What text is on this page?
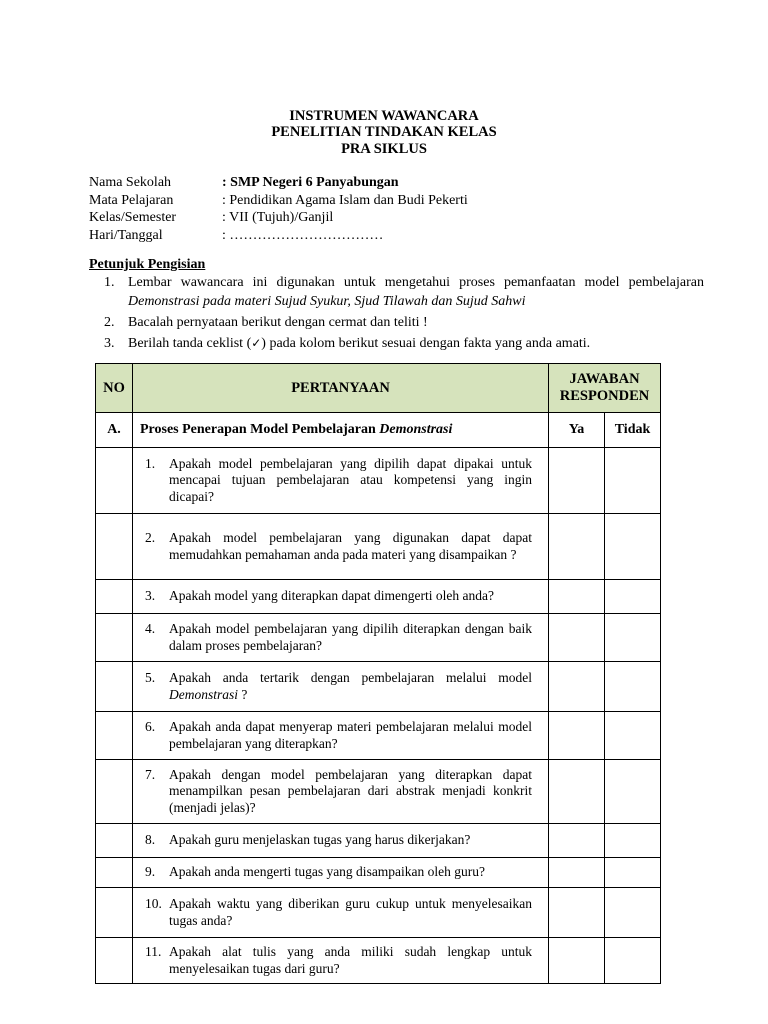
INSTRUMEN WAWANCARA
PENELITIAN TINDAKAN KELAS
PRA SIKLUS
Nama Sekolah	: SMP Negeri 6 Panyabungan
Mata Pelajaran	: Pendidikan Agama Islam dan Budi Pekerti
Kelas/Semester	: VII (Tujuh)/Ganjil
Hari/Tanggal	: ……………………………
Petunjuk Pengisian
1. Lembar wawancara ini digunakan untuk mengetahui proses pemanfaatan model pembelajaran Demonstrasi pada materi Sujud Syukur, Sjud Tilawah dan Sujud Sahwi
2. Bacalah pernyataan berikut dengan cermat dan teliti !
3. Berilah tanda ceklist (✓) pada kolom berikut sesuai dengan fakta yang anda amati.
NO	PERTANYAAN	JAWABAN
RESPONDEN	

A.	Proses Penerapan Model Pembelajaran Demonstrasi	Ya	Tidak

	1. Apakah model pembelajaran yang dipilih dapat dipakai untuk mencapai tujuan pembelajaran atau kompetensi yang ingin dicapai?		

	2. Apakah model pembelajaran yang digunakan dapat dapat memudahkan pemahaman anda pada materi yang disampaikan ?		

	3. Apakah model yang diterapkan dapat dimengerti oleh anda?		

	4. Apakah model pembelajaran yang dipilih diterapkan dengan baik dalam proses pembelajaran?		

	5. Apakah anda tertarik dengan pembelajaran melalui model Demonstrasi ?		

	6. Apakah anda dapat menyerap materi pembelajaran melalui model pembelajaran yang diterapkan?		

	7. Apakah dengan model pembelajaran yang diterapkan dapat menampilkan pesan pembelajaran dari abstrak menjadi konkrit (menjadi jelas)?		

	8. Apakah guru menjelaskan tugas yang harus dikerjakan?		

	9. Apakah anda mengerti tugas yang disampaikan oleh guru?		

	10. Apakah waktu yang diberikan guru cukup untuk menyelesaikan tugas anda?		

	11. Apakah alat tulis yang anda miliki sudah lengkap untuk menyelesaikan tugas dari guru?		
